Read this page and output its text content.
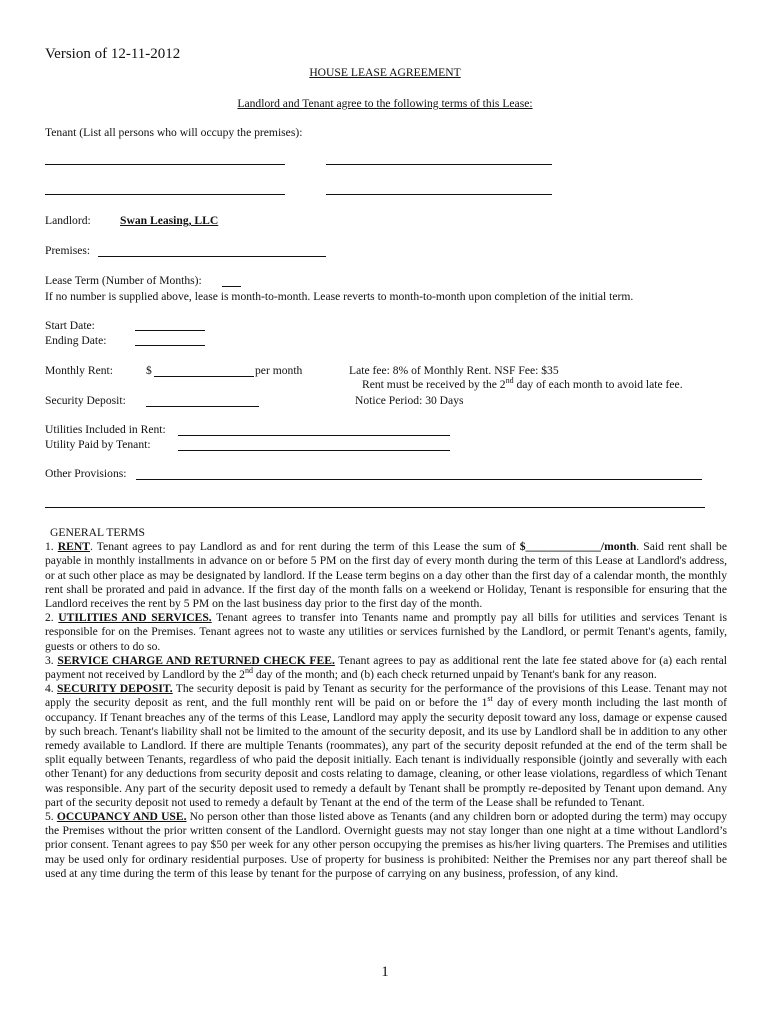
Version of 12-11-2012
HOUSE LEASE AGREEMENT
Landlord and Tenant agree to the following terms of this Lease:
Tenant (List all persons who will occupy the premises):
Landlord:	Swan Leasing, LLC
Premises:
Lease Term (Number of Months):
If no number is supplied above, lease is month-to-month. Lease reverts to month-to-month upon completion of the initial term.
Start Date:
Ending Date:
Monthly Rent:	$	per month	Late fee: 8% of Monthly Rent. NSF Fee: $35
Rent must be received by the 2nd day of each month to avoid late fee.
Security Deposit:	Notice Period: 30 Days
Utilities Included in Rent:
Utility Paid by Tenant:
Other Provisions:

GENERAL TERMS

1. RENT. Tenant agrees to pay Landlord as and for rent during the term of this Lease the sum of $_____________/month. Said rent shall be payable in monthly installments in advance on or before 5 PM on the first day of every month during the term of this Lease at Landlord's address, or at such other place as may be designated by landlord. If the Lease term begins on a day other than the first day of a calendar month, the monthly rent shall be prorated and paid in advance. If the first day of the month falls on a weekend or Holiday, Tenant is responsible for ensuring that the Landlord receives the rent by 5 PM on the last business day prior to the first day of the month.

2. UTILITIES AND SERVICES. Tenant agrees to transfer into Tenants name and promptly pay all bills for utilities and services Tenant is responsible for on the Premises. Tenant agrees not to waste any utilities or services furnished by the Landlord, or permit Tenant's agents, family, guests or others to do so.

3. SERVICE CHARGE AND RETURNED CHECK FEE. Tenant agrees to pay as additional rent the late fee stated above for (a) each rental payment not received by Landlord by the 2nd day of the month; and (b) each check returned unpaid by Tenant's bank for any reason.

4. SECURITY DEPOSIT. The security deposit is paid by Tenant as security for the performance of the provisions of this Lease. Tenant may not apply the security deposit as rent, and the full monthly rent will be paid on or before the 1st day of every month including the last month of occupancy. If Tenant breaches any of the terms of this Lease, Landlord may apply the security deposit toward any loss, damage or expense caused by such breach. Tenant's liability shall not be limited to the amount of the security deposit, and its use by Landlord shall be in addition to any other remedy available to Landlord. If there are multiple Tenants (roommates), any part of the security deposit refunded at the end of the term shall be split equally between Tenants, regardless of who paid the deposit initially. Each tenant is individually responsible (jointly and severally with each other Tenant) for any deductions from security deposit and costs relating to damage, cleaning, or other lease violations, regardless of which Tenant was responsible. Any part of the security deposit used to remedy a default by Tenant shall be promptly re-deposited by Tenant upon demand. Any part of the security deposit not used to remedy a default by Tenant at the end of the term of the Lease shall be refunded to Tenant.

5. OCCUPANCY AND USE. No person other than those listed above as Tenants (and any children born or adopted during the term) may occupy the Premises without the prior written consent of the Landlord. Overnight guests may not stay longer than one night at a time without Landlord’s prior consent. Tenant agrees to pay $50 per week for any other person occupying the premises as his/her living quarters. The Premises and utilities may be used only for ordinary residential purposes. Use of property for business is prohibited: Neither the Premises nor any part thereof shall be used at any time during the term of this lease by tenant for the purpose of carrying on any business, profession, of any kind.

1
